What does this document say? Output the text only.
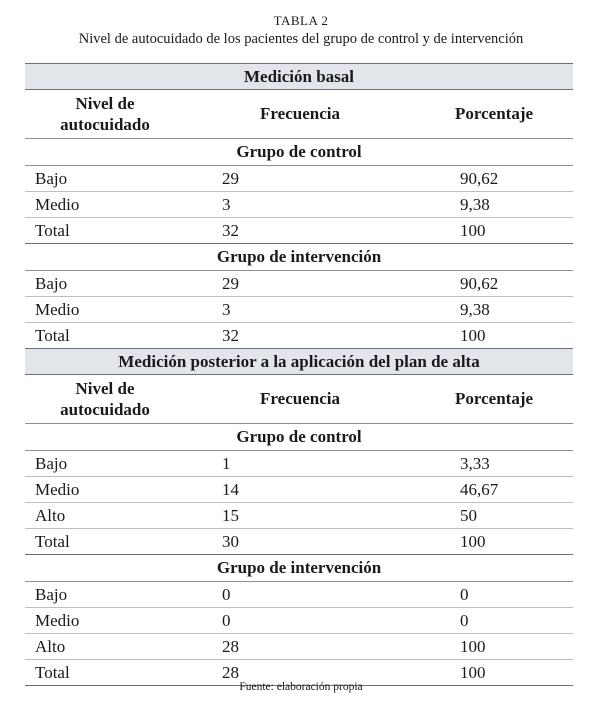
TABLA 2
Nivel de autocuidado de los pacientes del grupo de control y de intervención
Medición basal		

Nivel de
autocuidado	Frecuencia	Porcentaje
Grupo de control		
Bajo	29	90,62
Medio	3	9,38
Total	32	100
Grupo de intervención		
Bajo	29	90,62
Medio	3	9,38
Total	32	100
Medición posterior a la aplicación del plan de alta		

Nivel de
autocuidado	Frecuencia	Porcentaje
Grupo de control		
Bajo	1	3,33
Medio	14	46,67
Alto	15	50
Total	30	100
Grupo de intervención		
Bajo	0	0
Medio	0	0
Alto	28	100
Total	28	100
Fuente: elaboración propia
